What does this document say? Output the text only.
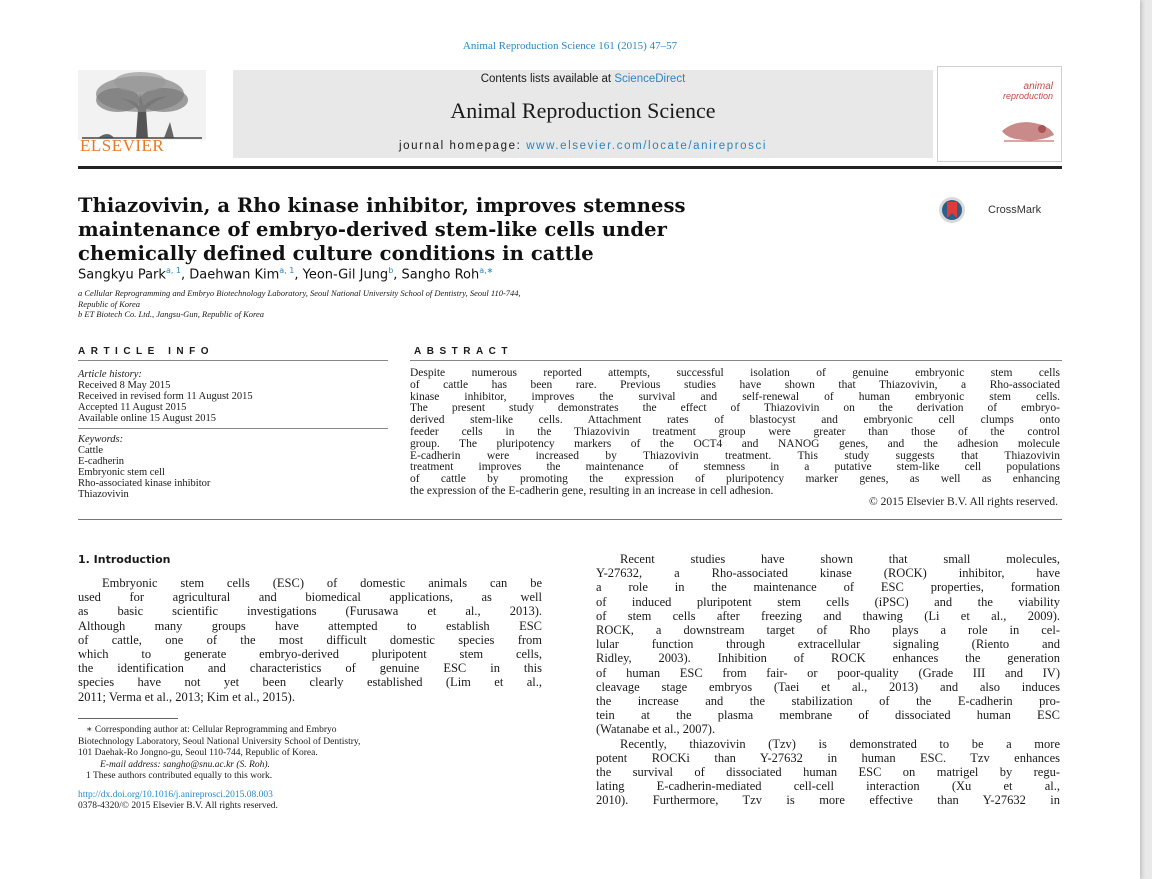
Animal Reproduction Science 161 (2015) 47–57
ELSEVIER
Contents lists available at ScienceDirect
Animal Reproduction Science
journal homepage: www.elsevier.com/locate/anireprosci
animal
reproduction
Thiazovivin, a Rho kinase inhibitor, improves stemness
maintenance of embryo-derived stem-like cells under
chemically defined culture conditions in cattle
CrossMark
Sangkyu Park$^{a, 1}$, Daehwan Kim$^{a, 1}$, Yeon-Gil Jung$^b$, Sangho Roh$^{a,∗}$
a Cellular Reprogramming and Embryo Biotechnology Laboratory, Seoul National University School of Dentistry, Seoul 110-744,
Republic of Korea
b ET Biotech Co. Ltd., Jangsu-Gun, Republic of Korea
ARTICLE INFO	ABSTRACT
Article history:
Received 8 May 2015
Received in revised form 11 August 2015
Accepted 11 August 2015
Available online 15 August 2015
Keywords:
Cattle
E-cadherin
Embryonic stem cell
Rho-associated kinase inhibitor
Thiazovivin
Despite numerous reported attempts, successful isolation of genuine embryonic stem cells
of cattle has been rare. Previous studies have shown that Thiazovivin, a Rho-associated
kinase inhibitor, improves the survival and self-renewal of human embryonic stem cells.
The present study demonstrates the effect of Thiazovivin on the derivation of embryo-
derived stem-like cells. Attachment rates of blastocyst and embryonic cell clumps onto
feeder cells in the Thiazovivin treatment group were greater than those of the control
group. The pluripotency markers of the OCT4 and NANOG genes, and the adhesion molecule
E-cadherin were increased by Thiazovivin treatment. This study suggests that Thiazovivin
treatment improves the maintenance of stemness in a putative stem-like cell populations
of cattle by promoting the expression of pluripotency marker genes, as well as enhancing
the expression of the E-cadherin gene, resulting in an increase in cell adhesion.
© 2015 Elsevier B.V. All rights reserved.
1. Introduction
Embryonic stem cells (ESC) of domestic animals can be
used for agricultural and biomedical applications, as well
as basic scientific investigations (Furusawa et al., 2013).
Although many groups have attempted to establish ESC
of cattle, one of the most difficult domestic species from
which to generate embryo-derived pluripotent stem cells,
the identification and characteristics of genuine ESC in this
species have not yet been clearly established (Lim et al.,
2011; Verma et al., 2013; Kim et al., 2015).
∗ Corresponding author at: Cellular Reprogramming and Embryo
Biotechnology Laboratory, Seoul National University School of Dentistry,
101 Daehak-Ro Jongno-gu, Seoul 110-744, Republic of Korea.
E-mail address: sangho@snu.ac.kr (S. Roh).
1 These authors contributed equally to this work.
http://dx.doi.org/10.1016/j.anireprosci.2015.08.003
0378-4320/© 2015 Elsevier B.V. All rights reserved.
Recent studies have shown that small molecules,
Y-27632, a Rho-associated kinase (ROCK) inhibitor, have
a role in the maintenance of ESC properties, formation
of induced pluripotent stem cells (iPSC) and the viability
of stem cells after freezing and thawing (Li et al., 2009).
ROCK, a downstream target of Rho plays a role in cel-
lular function through extracellular signaling (Riento and
Ridley, 2003). Inhibition of ROCK enhances the generation
of human ESC from fair- or poor-quality (Grade III and IV)
cleavage stage embryos (Taei et al., 2013) and also induces
the increase and the stabilization of the E-cadherin pro-
tein at the plasma membrane of dissociated human ESC
(Watanabe et al., 2007).
Recently, thiazovivin (Tzv) is demonstrated to be a more
potent ROCKi than Y-27632 in human ESC. Tzv enhances
the survival of dissociated human ESC on matrigel by regu-
lating E-cadherin-mediated cell-cell interaction (Xu et al.,
2010). Furthermore, Tzv is more effective than Y-27632 in
